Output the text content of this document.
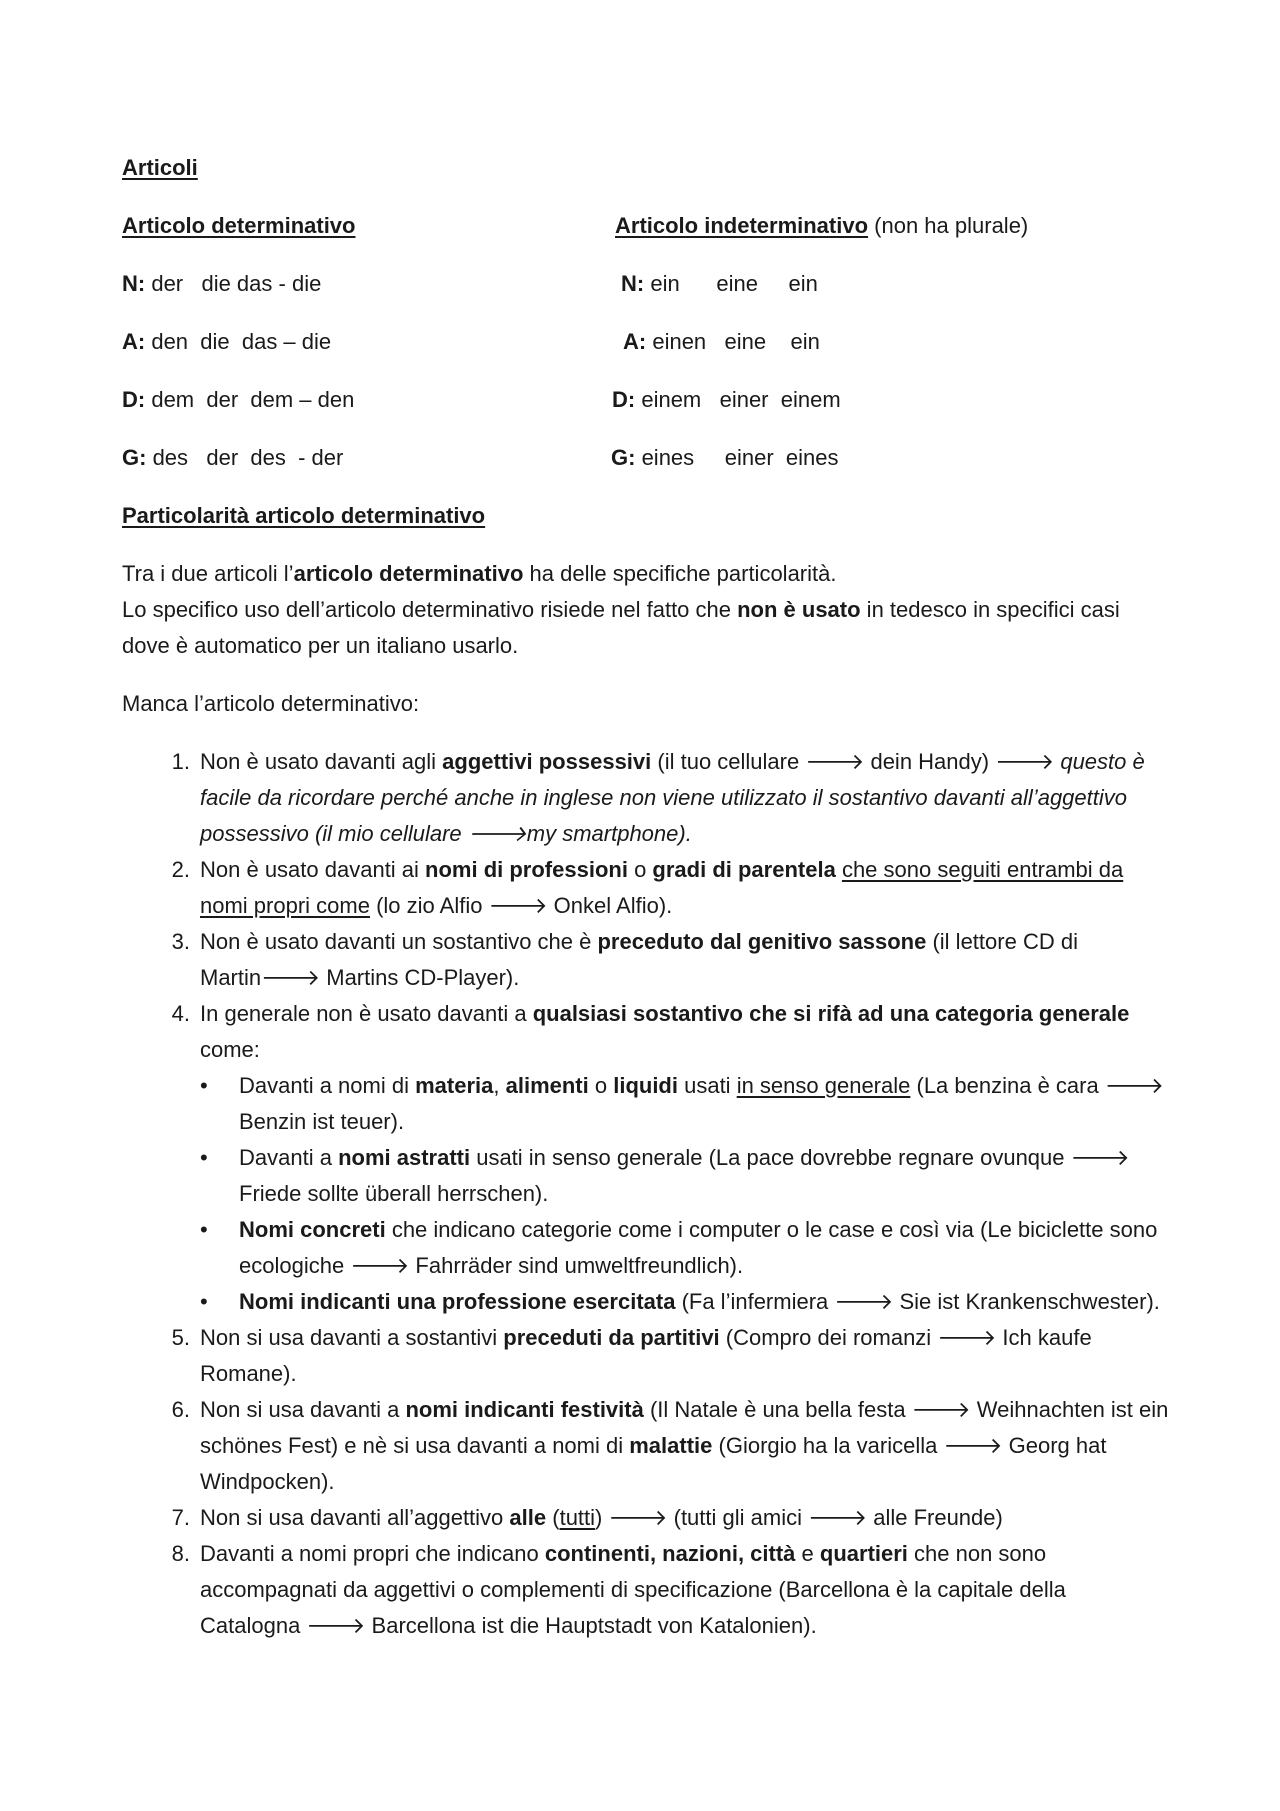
Articoli

Articolo determinativo	Articolo indeterminativo (non ha plurale)
N: der   die das - die	N: ein      eine     ein
A: den  die  das – die	A: einen   eine    ein
D: dem  der  dem – den	D: einem   einer  einem
G: des   der  des  - der	G: eines     einer  eines

Particolarità articolo determinativo

Tra i due articoli l’articolo determinativo ha delle specifiche particolarità.

Lo specifico uso dell’articolo determinativo risiede nel fatto che non è usato in tedesco in specifici casi dove è automatico per un italiano usarlo.

Manca l’articolo determinativo:

1. Non è usato davanti agli aggettivi possessivi (il tuo cellulare 🡒 dein Handy) 🡒 questo è facile da ricordare perché anche in inglese non viene utilizzato il sostantivo davanti all’aggettivo possessivo (il mio cellulare 🡒my smartphone).
2. Non è usato davanti ai nomi di professioni o gradi di parentela che sono seguiti entrambi da nomi propri come (lo zio Alfio 🡒 Onkel Alfio).
3. Non è usato davanti un sostantivo che è preceduto dal genitivo sassone (il lettore CD di Martin🡒 Martins CD-Player).
4. In generale non è usato davanti a qualsiasi sostantivo che si rifà ad una categoria generale come:
• Davanti a nomi di materia, alimenti o liquidi usati in senso generale (La benzina è cara 🡒 Benzin ist teuer).
• Davanti a nomi astratti usati in senso generale (La pace dovrebbe regnare ovunque 🡒 Friede sollte überall herrschen).
• Nomi concreti che indicano categorie come i computer o le case e così via (Le biciclette sono ecologiche 🡒 Fahrräder sind umweltfreundlich).
• Nomi indicanti una professione esercitata (Fa l’infermiera 🡒 Sie ist Krankenschwester).
5. Non si usa davanti a sostantivi preceduti da partitivi (Compro dei romanzi 🡒 Ich kaufe Romane).
6. Non si usa davanti a nomi indicanti festività (Il Natale è una bella festa 🡒 Weihnachten ist ein schönes Fest) e nè si usa davanti a nomi di malattie (Giorgio ha la varicella 🡒 Georg hat Windpocken).
7. Non si usa davanti all’aggettivo alle (tutti) 🡒 (tutti gli amici 🡒 alle Freunde)
8. Davanti a nomi propri che indicano continenti, nazioni, città e quartieri che non sono accompagnati da aggettivi o complementi di specificazione (Barcellona è la capitale della Catalogna 🡒 Barcellona ist die Hauptstadt von Katalonien).
